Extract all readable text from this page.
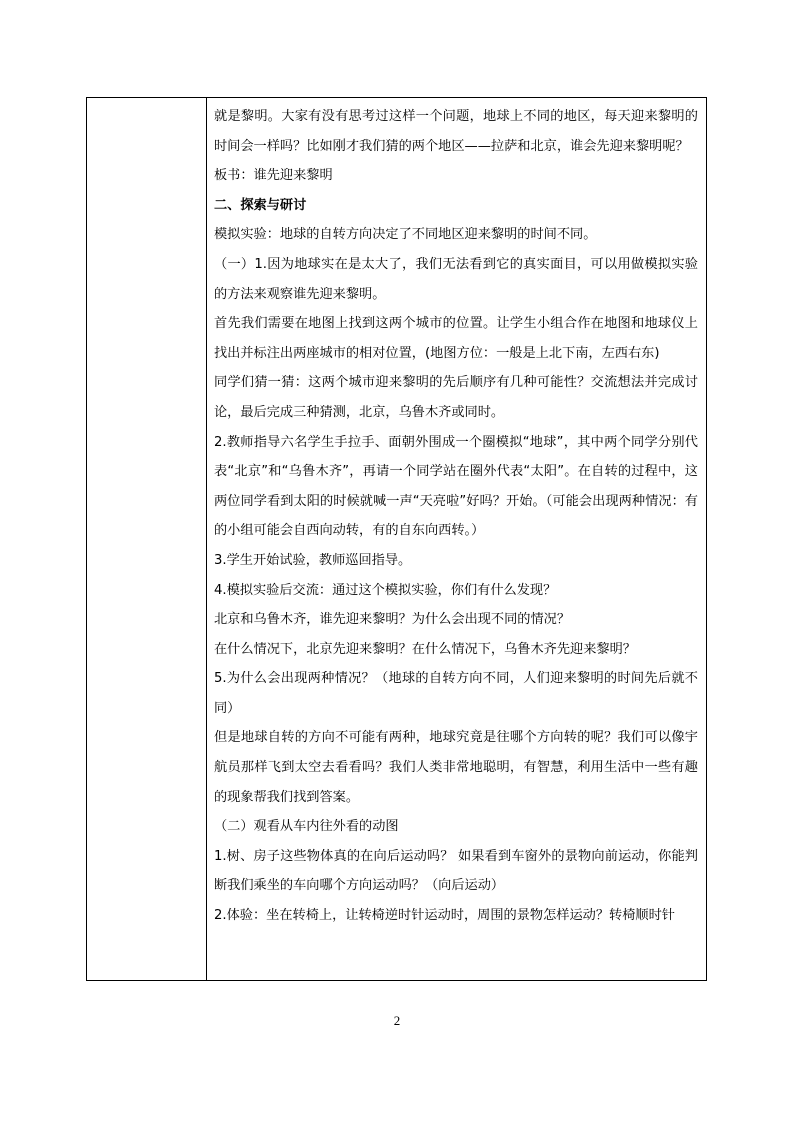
就是黎明。大家有没有思考过这样一个问题，地球上不同的地区，每天迎来黎明的时间会一样吗？比如刚才我们猜的两个地区——拉萨和北京，谁会先迎来黎明呢？

板书：谁先迎来黎明

二、探索与研讨

模拟实验：地球的自转方向决定了不同地区迎来黎明的时间不同。

（一）1.因为地球实在是太大了，我们无法看到它的真实面目，可以用做模拟实验的方法来观察谁先迎来黎明。

首先我们需要在地图上找到这两个城市的位置。让学生小组合作在地图和地球仪上找出并标注出两座城市的相对位置，(地图方位：一般是上北下南，左西右东)

同学们猜一猜：这两个城市迎来黎明的先后顺序有几种可能性？交流想法并完成讨论，最后完成三种猜测，北京，乌鲁木齐或同时。

2.教师指导六名学生手拉手、面朝外围成一个圈模拟“地球”，其中两个同学分别代表“北京”和“乌鲁木齐”，再请一个同学站在圈外代表“太阳”。在自转的过程中，这两位同学看到太阳的时候就喊一声“天亮啦”好吗？开始。（可能会出现两种情况：有的小组可能会自西向动转，有的自东向西转。）

3.学生开始试验，教师巡回指导。

4.模拟实验后交流：通过这个模拟实验，你们有什么发现？

北京和乌鲁木齐，谁先迎来黎明？为什么会出现不同的情况？

在什么情况下，北京先迎来黎明？在什么情况下，乌鲁木齐先迎来黎明？

5.为什么会出现两种情况？（地球的自转方向不同，人们迎来黎明的时间先后就不同）

但是地球自转的方向不可能有两种，地球究竟是往哪个方向转的呢？我们可以像宇航员那样飞到太空去看看吗？我们人类非常地聪明，有智慧，利用生活中一些有趣的现象帮我们找到答案。

（二）观看从车内往外看的动图

1.树、房子这些物体真的在向后运动吗？ 如果看到车窗外的景物向前运动，你能判断我们乘坐的车向哪个方向运动吗？（向后运动）

2.体验：坐在转椅上，让转椅逆时针运动时，周围的景物怎样运动？转椅顺时针

2
